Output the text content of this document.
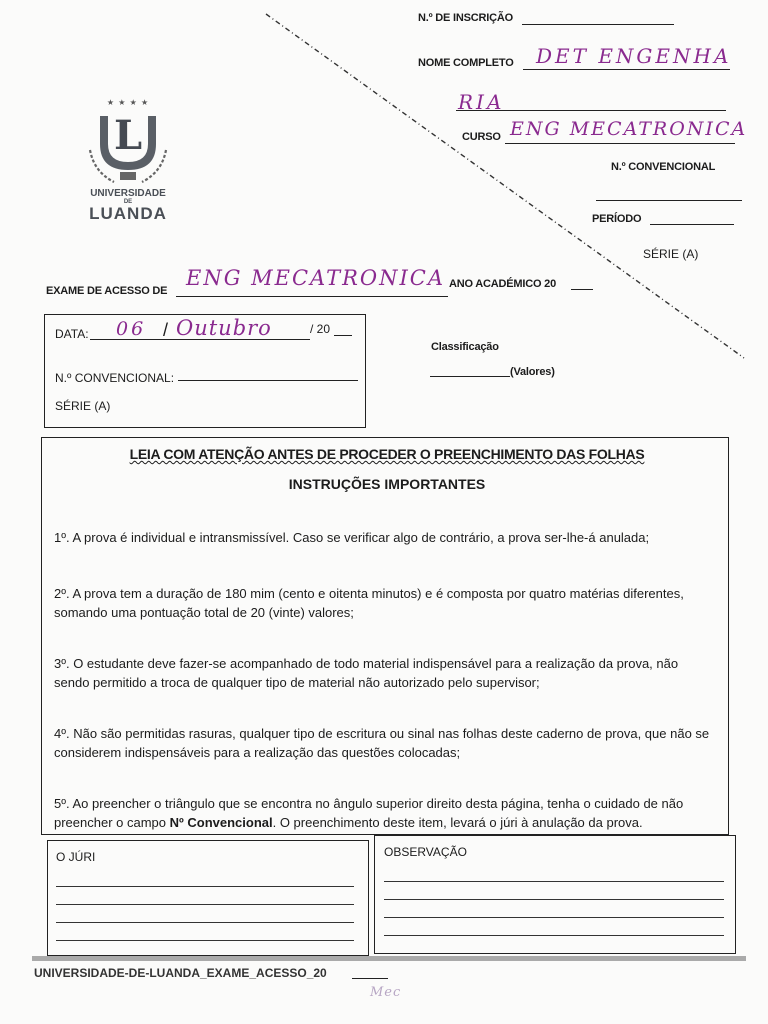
N.º DE INSCRIÇÃO
NOME COMPLETO DET ENGENHA
RIA
CURSO ENG MECATRONICA
N.º CONVENCIONAL
PERÍODO
SÉRIE (A)
★ ★ ★ ★
L
UNIVERSIDADE
DE
LUANDA
EXAME DE ACESSO DE
ENG MECATRONICA ANO ACADÉMICO 20
DATA: 06 / Outubro	/ 20
N.º CONVENCIONAL:
SÉRIE (A)
Classificação
(Valores)
LEIA COM ATENÇÃO ANTES DE PROCEDER O PREENCHIMENTO DAS FOLHAS
INSTRUÇÕES IMPORTANTES
1º. A prova é individual e intransmissível. Caso se verificar algo de contrário, a prova ser-lhe-á anulada;
2º. A prova tem a duração de 180 mim (cento e oitenta minutos) e é composta por quatro matérias diferentes, somando uma pontuação total de 20 (vinte) valores;
3º. O estudante deve fazer-se acompanhado de todo material indispensável para a realização da prova, não sendo permitido a troca de qualquer tipo de material não autorizado pelo supervisor;
4º. Não são permitidas rasuras, qualquer tipo de escritura ou sinal nas folhas deste caderno de prova, que não se considerem indispensáveis para a realização das questões colocadas;
5º. Ao preencher o triângulo que se encontra no ângulo superior direito desta página, tenha o cuidado de não preencher o campo Nº Convencional. O preenchimento deste item, levará o júri à anulação da prova.
O JÚRI	OBSERVAÇÃO
UNIVERSIDADE-DE-LUANDA_EXAME_ACESSO_20
Mec
